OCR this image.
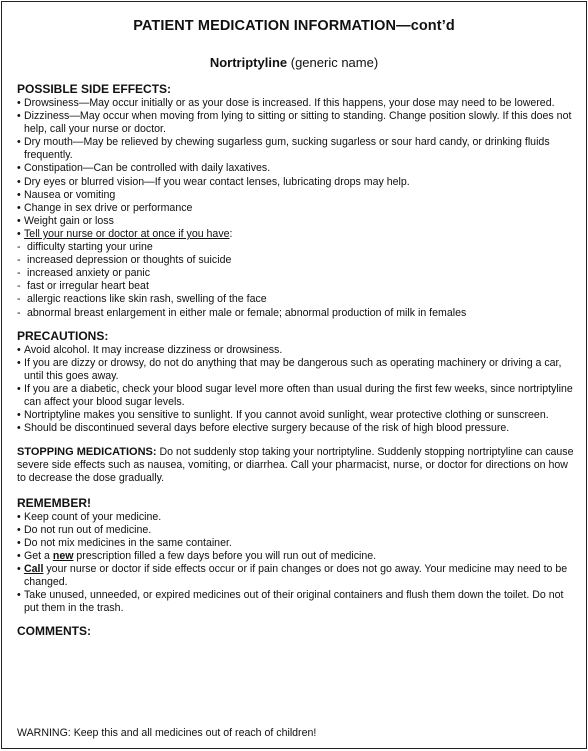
PATIENT MEDICATION INFORMATION—cont’d
Nortriptyline (generic name)
POSSIBLE SIDE EFFECTS:
• Drowsiness—May occur initially or as your dose is increased. If this happens, your dose may need to be lowered.
• Dizziness—May occur when moving from lying to sitting or sitting to standing. Change position slowly. If this does not help, call your nurse or doctor.
• Dry mouth—May be relieved by chewing sugarless gum, sucking sugarless or sour hard candy, or drinking fluids frequently.
• Constipation—Can be controlled with daily laxatives.
• Dry eyes or blurred vision—If you wear contact lenses, lubricating drops may help.
• Nausea or vomiting
• Change in sex drive or performance
• Weight gain or loss
• Tell your nurse or doctor at once if you have:
- difficulty starting your urine
- increased depression or thoughts of suicide
- increased anxiety or panic
- fast or irregular heart beat
- allergic reactions like skin rash, swelling of the face
- abnormal breast enlargement in either male or female; abnormal production of milk in females
PRECAUTIONS:
• Avoid alcohol. It may increase dizziness or drowsiness.
• If you are dizzy or drowsy, do not do anything that may be dangerous such as operating machinery or driving a car, until this goes away.
• If you are a diabetic, check your blood sugar level more often than usual during the first few weeks, since nortriptyline can affect your blood sugar levels.
• Nortriptyline makes you sensitive to sunlight. If you cannot avoid sunlight, wear protective clothing or sunscreen.
• Should be discontinued several days before elective surgery because of the risk of high blood pressure.
STOPPING MEDICATIONS: Do not suddenly stop taking your nortriptyline. Suddenly stopping nortriptyline can cause severe side effects such as nausea, vomiting, or diarrhea. Call your pharmacist, nurse, or doctor for directions on how to decrease the dose gradually.
REMEMBER!
• Keep count of your medicine.
• Do not run out of medicine.
• Do not mix medicines in the same container.
• Get a new prescription filled a few days before you will run out of medicine.
• Call your nurse or doctor if side effects occur or if pain changes or does not go away. Your medicine may need to be changed.
• Take unused, unneeded, or expired medicines out of their original containers and flush them down the toilet. Do not put them in the trash.
COMMENTS:
WARNING: Keep this and all medicines out of reach of children!
